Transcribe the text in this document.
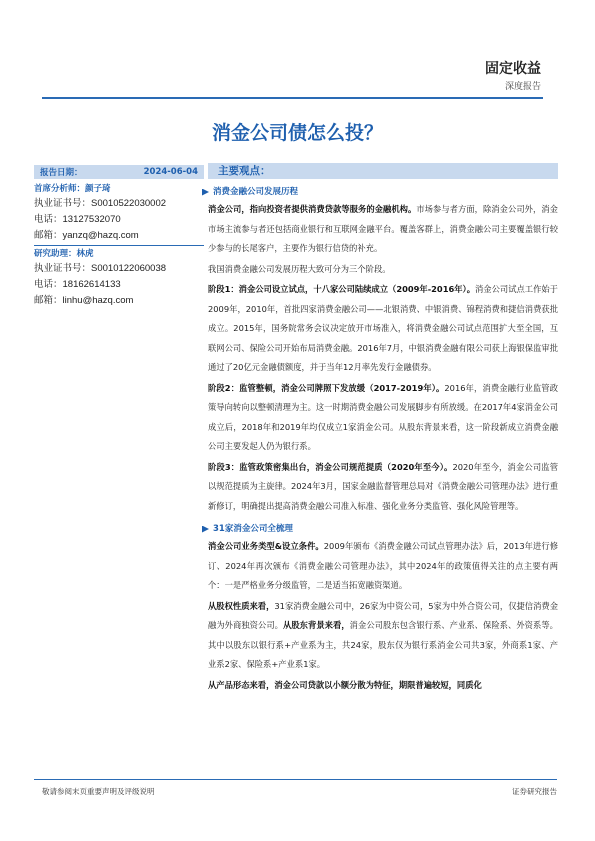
固定收益
深度报告
消金公司债怎么投？
报告日期：	2024-06-04
首席分析师：颜子琦
执业证书号：S0010522030002
电话：13127532070
邮箱：yanzq@hazq.com
研究助理：林虎
执业证书号：S0010122060038
电话：18162614133
邮箱：linhu@hazq.com
主要观点：
消费金融公司发展历程

消金公司，指向投资者提供消费贷款等服务的金融机构。市场参与者方面，除消金公司外，消金市场主流参与者还包括商业银行和互联网金融平台。覆盖客群上，消费金融公司主要覆盖银行较少参与的长尾客户，主要作为银行信贷的补充。

我国消费金融公司发展历程大致可分为三个阶段。

阶段1：消金公司设立试点，十八家公司陆续成立（2009年-2016年）。消金公司试点工作始于2009年，2010年，首批四家消费金融公司——北银消费、中银消费、锦程消费和捷信消费获批成立。2015年，国务院常务会议决定放开市场准入，将消费金融公司试点范围扩大至全国，互联网公司、保险公司开始布局消费金融。2016年7月，中银消费金融有限公司获上海银保监审批通过了20亿元金融债额度，并于当年12月率先发行金融债券。

阶段2：监管整顿，消金公司牌照下发放缓（2017-2019年）。2016年，消费金融行业监管政策导向转向以整顿清理为主。这一时期消费金融公司发展脚步有所放缓。在2017年4家消金公司成立后，2018年和2019年均仅成立1家消金公司。从股东背景来看，这一阶段新成立消费金融公司主要发起人仍为银行系。

阶段3：监管政策密集出台，消金公司规范提质（2020年至今）。2020年至今，消金公司监管以规范提质为主旋律。2024年3月，国家金融监督管理总局对《消费金融公司管理办法》进行重新修订，明确提出提高消费金融公司准入标准、强化业务分类监管、强化风险管理等。

31家消金公司全梳理

消金公司业务类型&设立条件。2009年颁布《消费金融公司试点管理办法》后，2013年进行修订、2024年再次颁布《消费金融公司管理办法》，其中2024年的政策值得关注的点主要有两个：一是严格业务分级监管，二是适当拓宽融资渠道。

从股权性质来看，31家消费金融公司中，26家为中资公司，5家为中外合资公司，仅捷信消费金融为外商独资公司。从股东背景来看，消金公司股东包含银行系、产业系、保险系、外资系等。其中以股东以银行系+产业系为主，共24家，股东仅为银行系消金公司共3家，外商系1家、产业系2家、保险系+产业系1家。

从产品形态来看，消金公司贷款以小额分散为特征，期限普遍较短，同质化

敬请参阅末页重要声明及评级说明	证券研究报告
